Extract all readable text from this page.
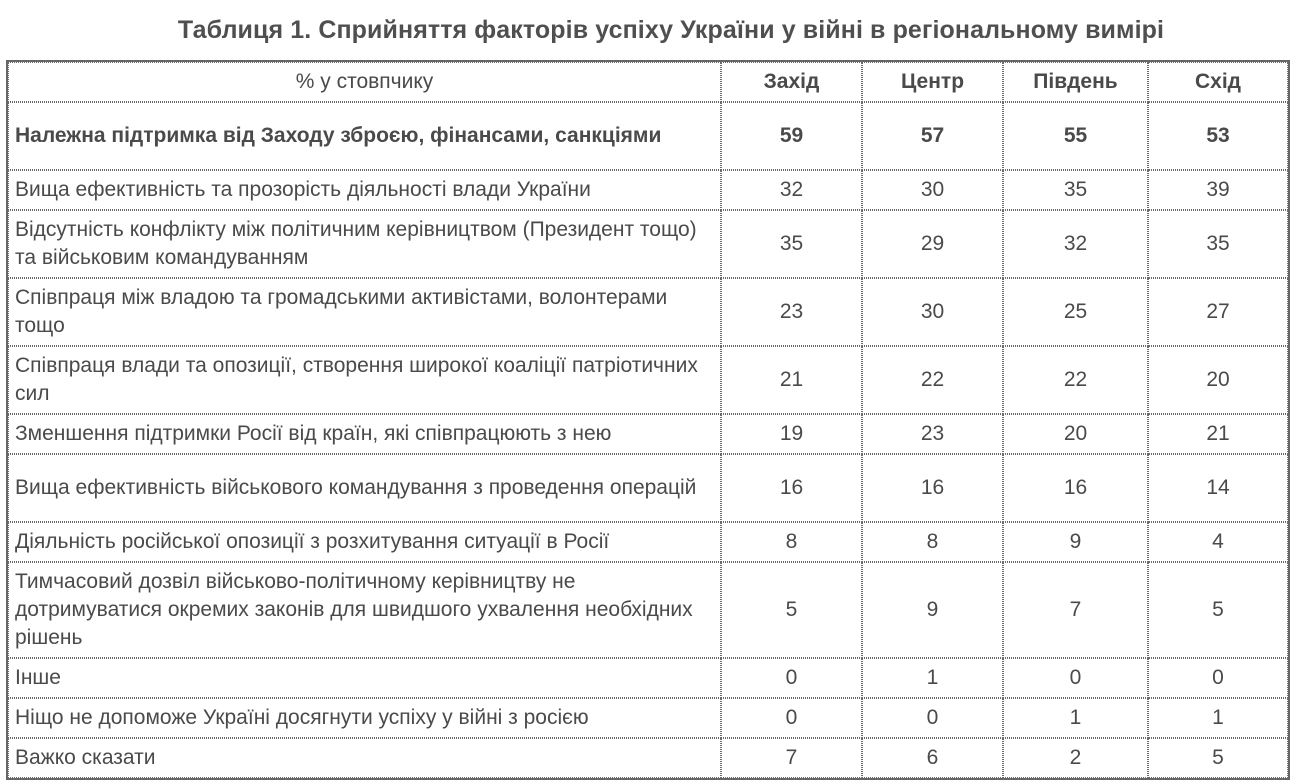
Таблиця 1. Сприйняття факторів успіху України у війні в регіональному вимірі
% у стовпчику	Захід	Центр	Південь	Схід
Належна підтримка від Заходу зброєю, фінансами, санкціями	59	57	55	53
Вища ефективність та прозорість діяльності влади України	32	30	35	39
Відсутність конфлікту між політичним керівництвом (Президент тощо) та військовим командуванням	35	29	32	35
Співпраця між владою та громадськими активістами, волонтерами тощо	23	30	25	27
Співпраця влади та опозиції, створення широкої коаліції патріотичних сил	21	22	22	20
Зменшення підтримки Росії від країн, які співпрацюють з нею	19	23	20	21
Вища ефективність військового командування з проведення операцій	16	16	16	14
Діяльність російської опозиції з розхитування ситуації в Росії	8	8	9	4
Тимчасовий дозвіл військово-політичному керівництву не дотримуватися окремих законів для швидшого ухвалення необхідних рішень	5	9	7	5
Інше	0	1	0	0
Ніщо не допоможе Україні досягнути успіху у війні з росією	0	0	1	1
Важко сказати	7	6	2	5
